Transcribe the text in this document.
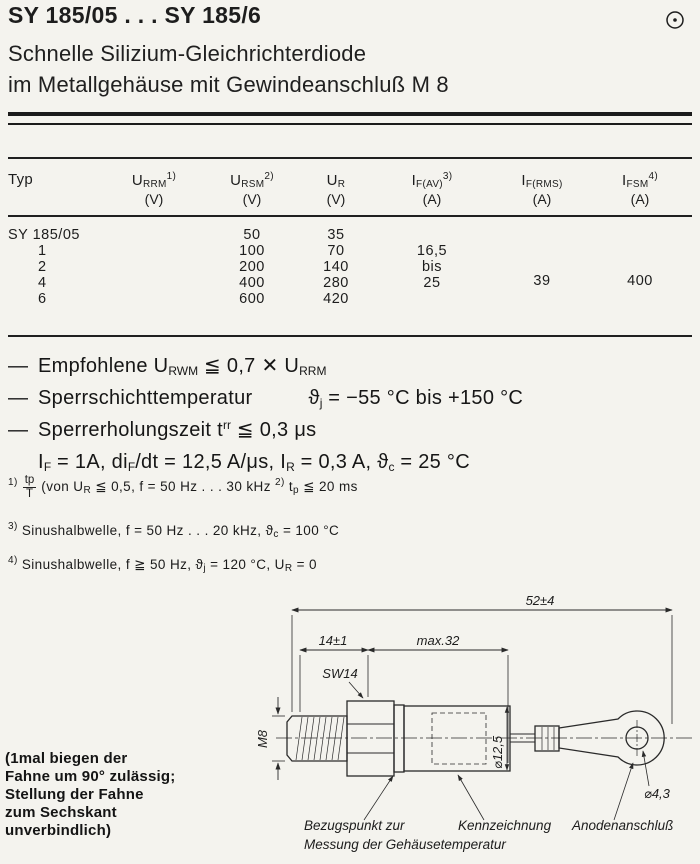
SY 185/05 . . . SY 185/6
Schnelle Silizium-Gleichrichterdiode
im Metallgehäuse mit Gewindeanschluß M 8
Typ	$U_{RRM}^{1)}$	$U_{RSM}^{2)}$	$U_R$	$I_{F(AV)}^{3)}$	$I_{F(RMS)}$	$I_{FSM}^{4)}$
	(V)	(V)	(V)	(A)	(A)	(A)
SY 185/05		50	35		39	400
1		100	70	16,5		
2		200	140	bis		
4		400	280	25		
6		600	420			
— Empfohlene $U_{RWM}$ ≦ 0,7 ✕ $U_{RRM}$
— Sperrschichttemperatur	$ϑ_j = -55$ °C bis +150 °C
— Sperrerholungszeit $t^{rr}$ ≦ 0,3 μs
$I_F = 1A$, $di_F/dt = 12,5$ A/μs, $I_R = 0,3$ A, $ϑ_c = 25$ °C
$^{1)} \frac{tp}{T} (von$ $U_R$ ≦ 0,5, f = 50 Hz . . . 30 kHz $^{2)}$ $t_p$ ≦ 20 ms
$^{3)}$ Sinushalbwelle, f = 50 Hz . . . 20 kHz, $ϑ_c = 100$ °C
$^{4)}$ Sinushalbwelle, f ≧ 50 Hz, $ϑ_j = 120$ °C, $U_R = 0$
(1mal biegen der
Fahne um 90° zulässig;
Stellung der Fahne
zum Sechskant
unverbindlich)
52±4
14±1	max.32
SW14
M8	⌀12,5
⌀4,3
Bezugspunkt zur
Messung der Gehäusetemperatur
Kennzeichnung Anodenanschluß
